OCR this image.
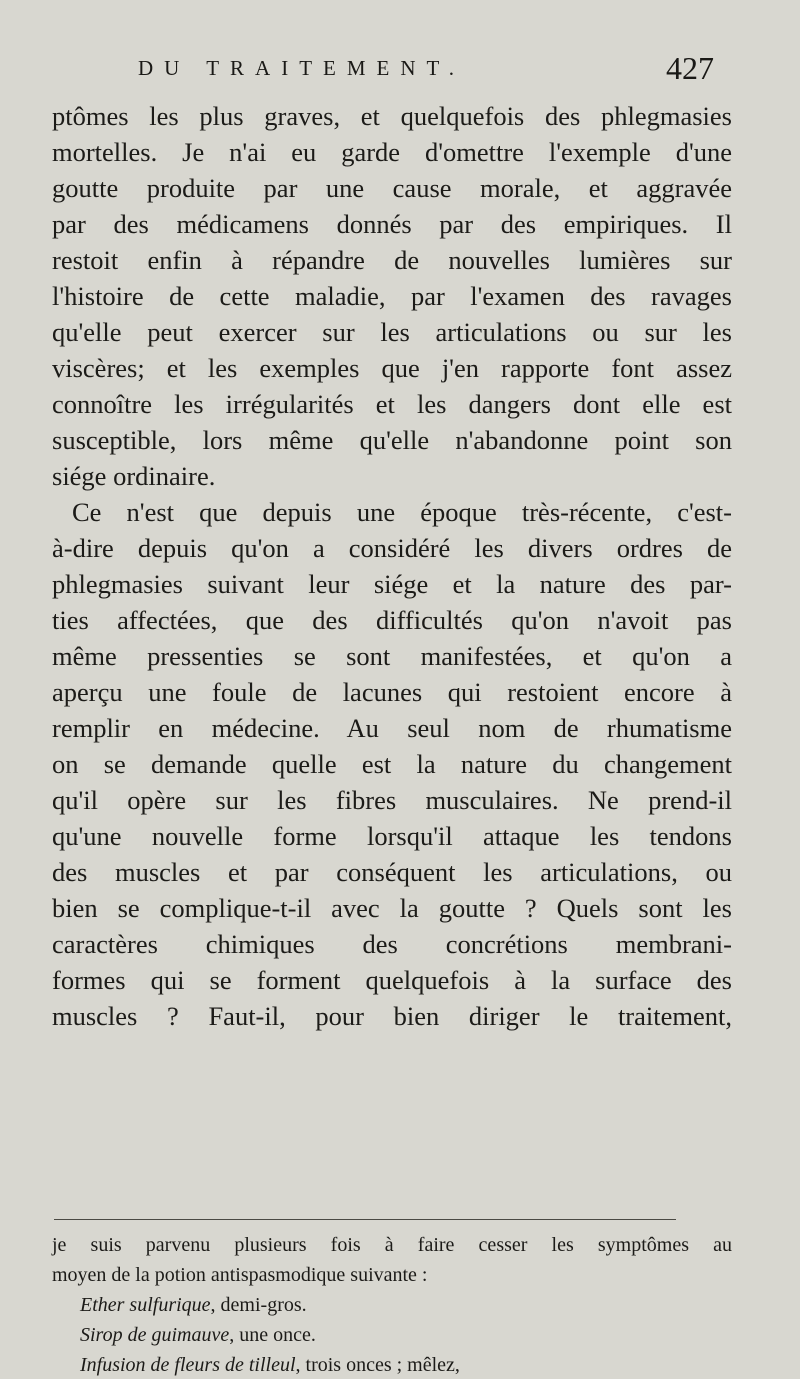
DU TRAITEMENT.	427
ptômes les plus graves, et quelquefois des phlegmasies
mortelles. Je n'ai eu garde d'omettre l'exemple d'une
goutte produite par une cause morale, et aggravée
par des médicamens donnés par des empiriques. Il
restoit enfin à répandre de nouvelles lumières sur
l'histoire de cette maladie, par l'examen des ravages
qu'elle peut exercer sur les articulations ou sur les
viscères; et les exemples que j'en rapporte font assez
connoître les irrégularités et les dangers dont elle est
susceptible, lors même qu'elle n'abandonne point son
siége ordinaire.
Ce n'est que depuis une époque très-récente, c'est-
à-dire depuis qu'on a considéré les divers ordres de
phlegmasies suivant leur siége et la nature des par-
ties affectées, que des difficultés qu'on n'avoit pas
même pressenties se sont manifestées, et qu'on a
aperçu une foule de lacunes qui restoient encore à
remplir en médecine. Au seul nom de rhumatisme
on se demande quelle est la nature du changement
qu'il opère sur les fibres musculaires. Ne prend-il
qu'une nouvelle forme lorsqu'il attaque les tendons
des muscles et par conséquent les articulations, ou
bien se complique-t-il avec la goutte ? Quels sont les
caractères chimiques des concrétions membrani-
formes qui se forment quelquefois à la surface des
muscles ? Faut-il, pour bien diriger le traitement,
je suis parvenu plusieurs fois à faire cesser les symptômes au
moyen de la potion antispasmodique suivante :
Ether sulfurique, demi-gros.
Sirop de guimauve, une once.
Infusion de fleurs de tilleul, trois onces ; mêlez,
